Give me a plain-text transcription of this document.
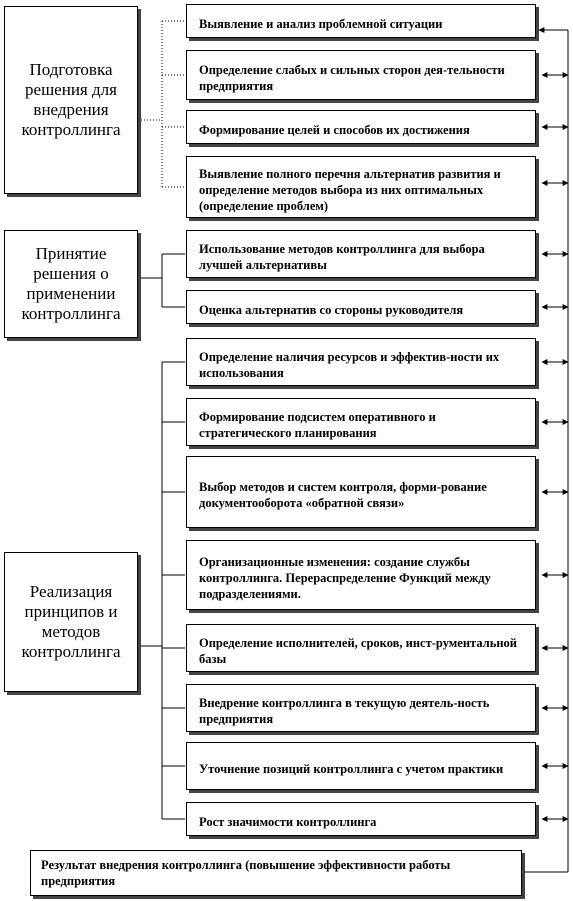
Подготовка решения для внедрения контроллинга
Принятие решения о применении контроллинга
Реализация принципов и методов контроллинга
Выявление и анализ проблемной ситуации
Определение слабых и сильных сторон дея-тельности предприятия
Формирование целей и способов их достижения
Выявление полного перечня альтернатив развития и определение методов выбора из них оптимальных (определение проблем)
Использование методов контроллинга для выбора лучшей альтернативы
Оценка альтернатив со стороны руководителя
Определение наличия ресурсов и эффектив-ности их использования
Формирование подсистем оперативного и стратегического планирования
Выбор методов и систем контроля, форми-рование документооборота «обратной связи»
Организационные изменения: создание службы контроллинга. Перераспределение Функций между подразделениями.
Определение исполнителей, сроков, инст-рументальной базы
Внедрение контроллинга в текущую деятель-ность предприятия
Уточнение позиций контроллинга с учетом практики
Рост значимости контроллинга
Результат внедрения контроллинга (повышение эффективности работы предприятия
